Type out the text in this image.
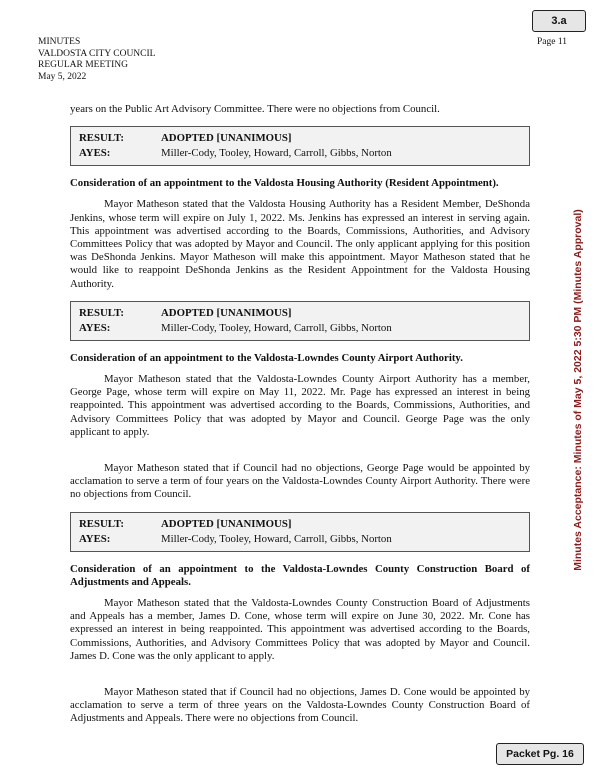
3.a
MINUTES
VALDOSTA CITY COUNCIL
REGULAR MEETING
May 5, 2022
Page 11
Minutes Acceptance: Minutes of May 5, 2022 5:30 PM (Minutes Approval)

years on the Public Art Advisory Committee. There were no objections from Council.

RESULT:	ADOPTED [UNANIMOUS]
AYES:	Miller-Cody, Tooley, Howard, Carroll, Gibbs, Norton
Consideration of an appointment to the Valdosta Housing Authority (Resident Appointment).

Mayor Matheson stated that the Valdosta Housing Authority has a Resident Member, DeShonda Jenkins, whose term will expire on July 1, 2022. Ms. Jenkins has expressed an interest in serving again. This appointment was advertised according to the Boards, Commissions, Authorities, and Advisory Committees Policy that was adopted by Mayor and Council. The only applicant applying for this position was DeShonda Jenkins. Mayor Matheson will make this appointment. Mayor Matheson stated that he would like to reappoint DeShonda Jenkins as the Resident Appointment for the Valdosta Housing Authority.

RESULT:	ADOPTED [UNANIMOUS]
AYES:	Miller-Cody, Tooley, Howard, Carroll, Gibbs, Norton
Consideration of an appointment to the Valdosta-Lowndes County Airport Authority.

Mayor Matheson stated that the Valdosta-Lowndes County Airport Authority has a member, George Page, whose term will expire on May 11, 2022. Mr. Page has expressed an interest in being reappointed. This appointment was advertised according to the Boards, Commissions, Authorities, and Advisory Committees Policy that was adopted by Mayor and Council. George Page was the only applicant to apply.

Mayor Matheson stated that if Council had no objections, George Page would be appointed by acclamation to serve a term of four years on the Valdosta-Lowndes County Airport Authority. There were no objections from Council.

RESULT:	ADOPTED [UNANIMOUS]
AYES:	Miller-Cody, Tooley, Howard, Carroll, Gibbs, Norton
Consideration of an appointment to the Valdosta-Lowndes County Construction Board of Adjustments and Appeals.

Mayor Matheson stated that the Valdosta-Lowndes County Construction Board of Adjustments and Appeals has a member, James D. Cone, whose term will expire on June 30, 2022. Mr. Cone has expressed an interest in being reappointed. This appointment was advertised according to the Boards, Commissions, Authorities, and Advisory Committees Policy that was adopted by Mayor and Council. James D. Cone was the only applicant to apply.

Mayor Matheson stated that if Council had no objections, James D. Cone would be appointed by acclamation to serve a term of three years on the Valdosta-Lowndes County Construction Board of Adjustments and Appeals. There were no objections from Council.

Packet Pg. 16
